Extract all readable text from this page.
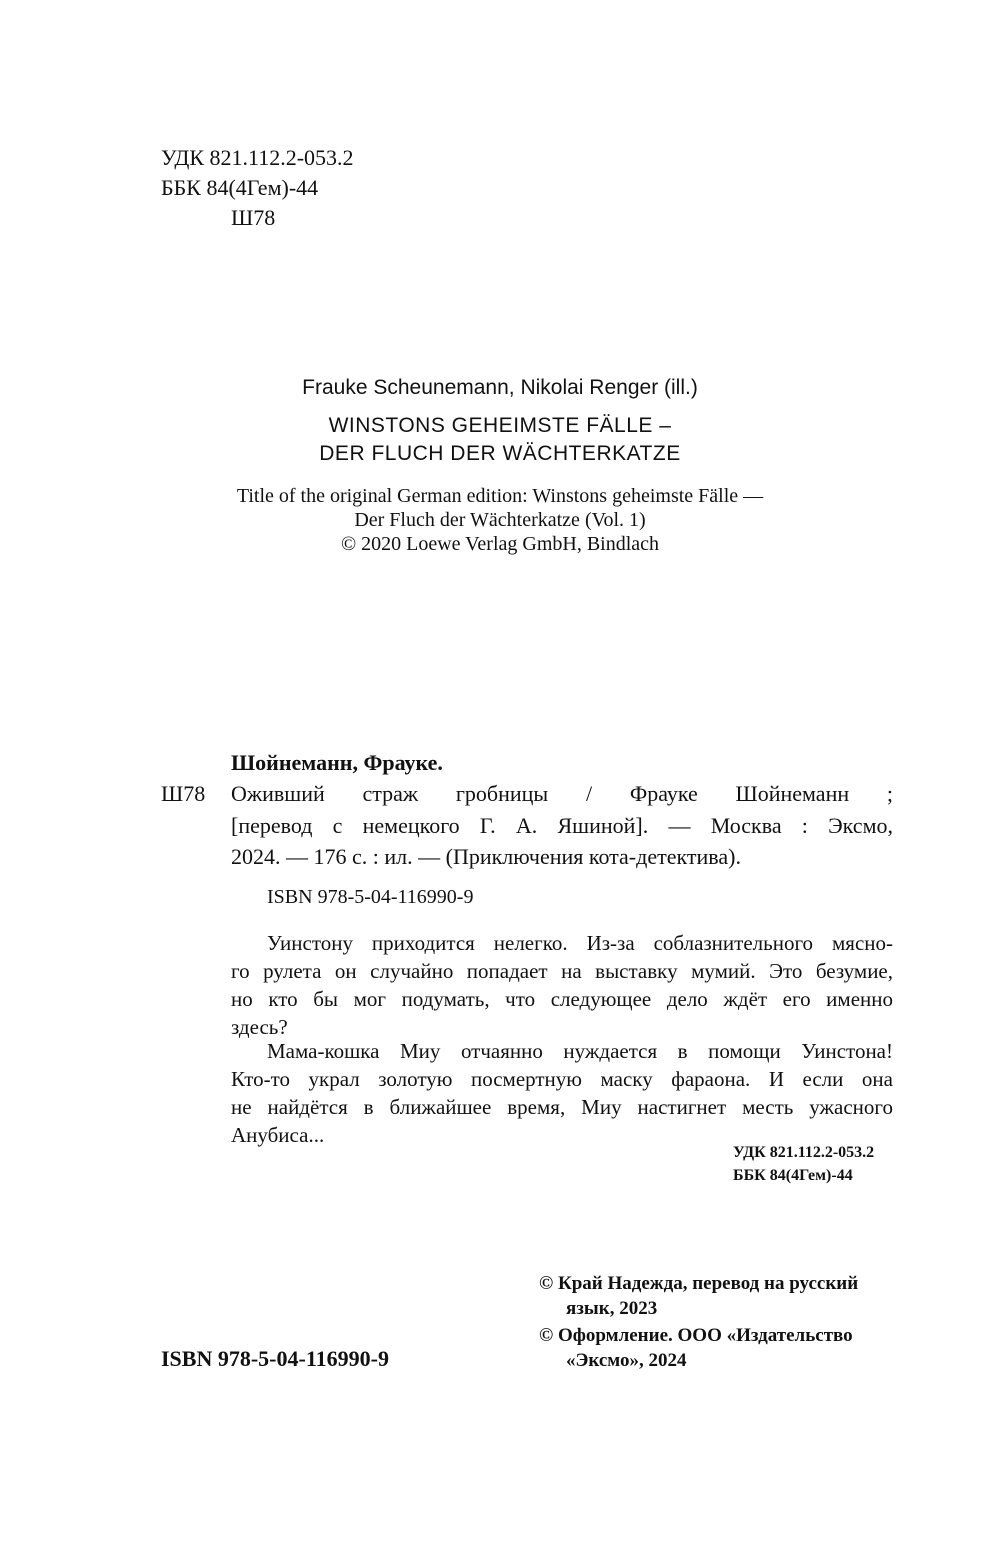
УДК 821.112.2-053.2

ББК 84(4Гем)-44

Ш78

Frauke Scheunemann, Nikolai Renger (ill.)

WINSTONS GEHEIMSTE FÄLLE –

DER FLUCH DER WÄCHTERKATZE

Title of the original German edition: Winstons geheimste Fälle —

Der Fluch der Wächterkatze (Vol. 1)

© 2020 Loewe Verlag GmbH, Bindlach

Шойнеманн, Фрауке.

Ш78 Оживший страж гробницы / Фрауке Шойнеманн ;

[перевод с немецкого Г. А. Яшиной]. — Москва : Эксмо,

2024. — 176 с. : ил. — (Приключения кота-детектива).

ISBN 978-5-04-116990-9

Уинстону приходится нелегко. Из-за соблазнительного мясно-

го рулета он случайно попадает на выставку мумий. Это безумие,

но кто бы мог подумать, что следующее дело ждёт его именно

здесь?

Мама-кошка Миу отчаянно нуждается в помощи Уинстона!

Кто-то украл золотую посмертную маску фараона. И если она

не найдётся в ближайшее время, Миу настигнет месть ужасного

Анубиса...

УДК 821.112.2-053.2

ББК 84(4Гем)-44

© Край Надежда, перевод на русский

язык, 2023

© Оформление. ООО «Издательство

«Эксмо», 2024

ISBN 978-5-04-116990-9
